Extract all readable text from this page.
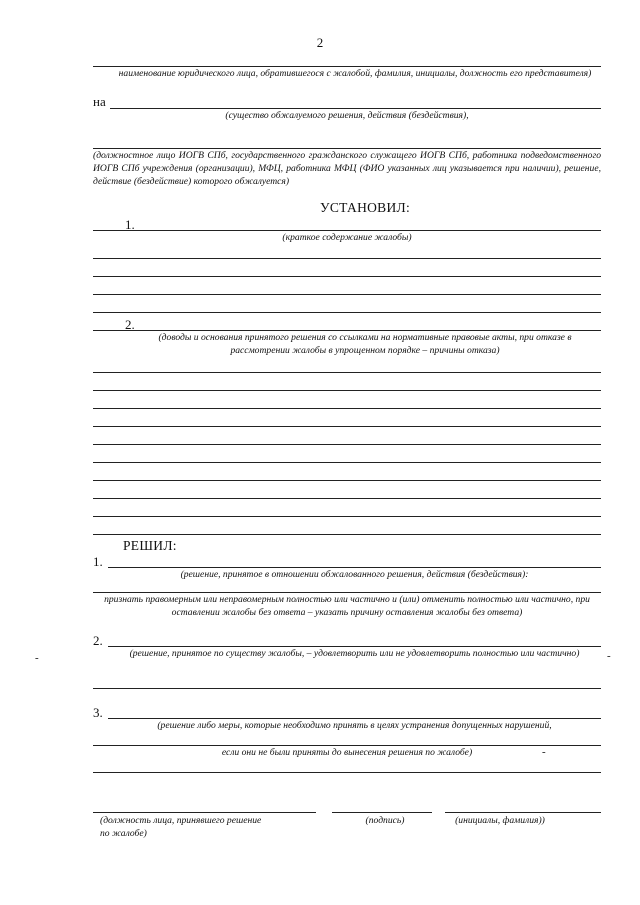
2
наименование юридического лица, обратившегося с жалобой, фамилия, инициалы, должность его представителя)
на
(существо обжалуемого решения, действия (бездействия),
(должностное лицо ИОГВ СПб, государственного гражданского служащего ИОГВ СПб, работника подведомственного ИОГВ СПб учреждения (организации), МФЦ, работника МФЦ (ФИО указанных лиц указывается при наличии), решение, действие (бездействие) которого обжалуется)
УСТАНОВИЛ:
1.
(краткое содержание жалобы)
2.
(доводы и основания принятого решения со ссылками на нормативные правовые акты, при отказе в рассмотрении жалобы в упрощенном порядке – причины отказа)
РЕШИЛ:
1.
(решение, принятое в отношении обжалованного решения, действия (бездействия):
признать правомерным или неправомерным полностью или частично и (или) отменить полностью или частично, при оставлении жалобы без ответа – указать причину оставления жалобы без ответа)
2.
(решение, принятое по существу жалобы, – удовлетворить или не удовлетворить полностью или частично)
3.
(решение либо меры, которые необходимо принять в целях устранения допущенных нарушений,
если они не были приняты до вынесения решения по жалобе)	-
(должность лица, принявшего решение по жалобе)
(подпись)	(инициалы, фамилия))
-	-
